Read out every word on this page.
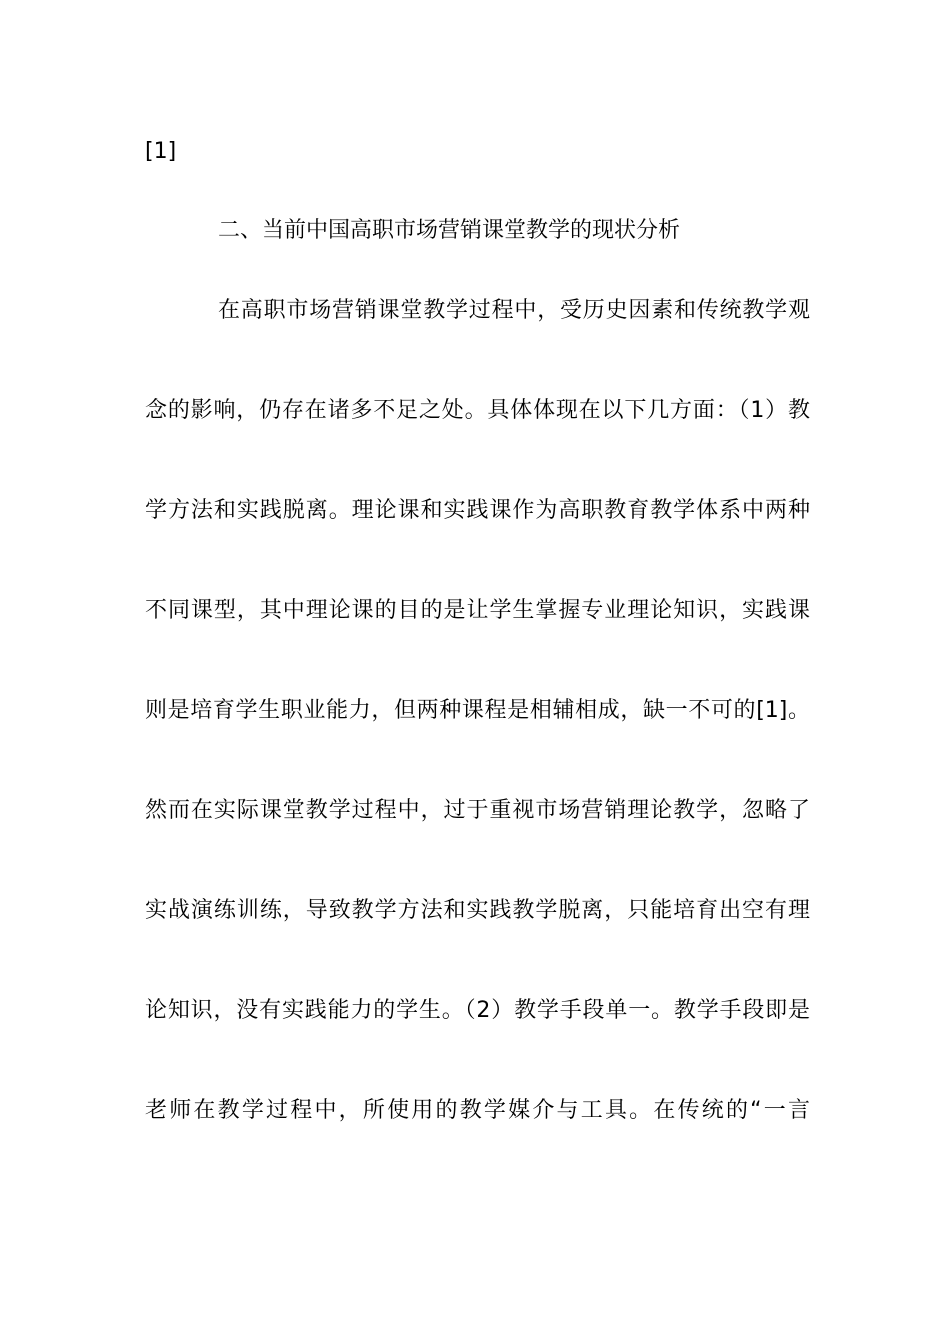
[1]
二、当前中国高职市场营销课堂教学的现状分析
在高职市场营销课堂教学过程中，受历史因素和传统教学观
念的影响，仍存在诸多不足之处。具体体现在以下几方面：（1）教
学方法和实践脱离。理论课和实践课作为高职教育教学体系中两种
不同课型，其中理论课的目的是让学生掌握专业理论知识，实践课
则是培育学生职业能力，但两种课程是相辅相成，缺一不可的[1]。
然而在实际课堂教学过程中，过于重视市场营销理论教学，忽略了
实战演练训练，导致教学方法和实践教学脱离，只能培育出空有理
论知识，没有实践能力的学生。（2）教学手段单一。教学手段即是
老师在教学过程中，所使用的教学媒介与工具。在传统的“一言
